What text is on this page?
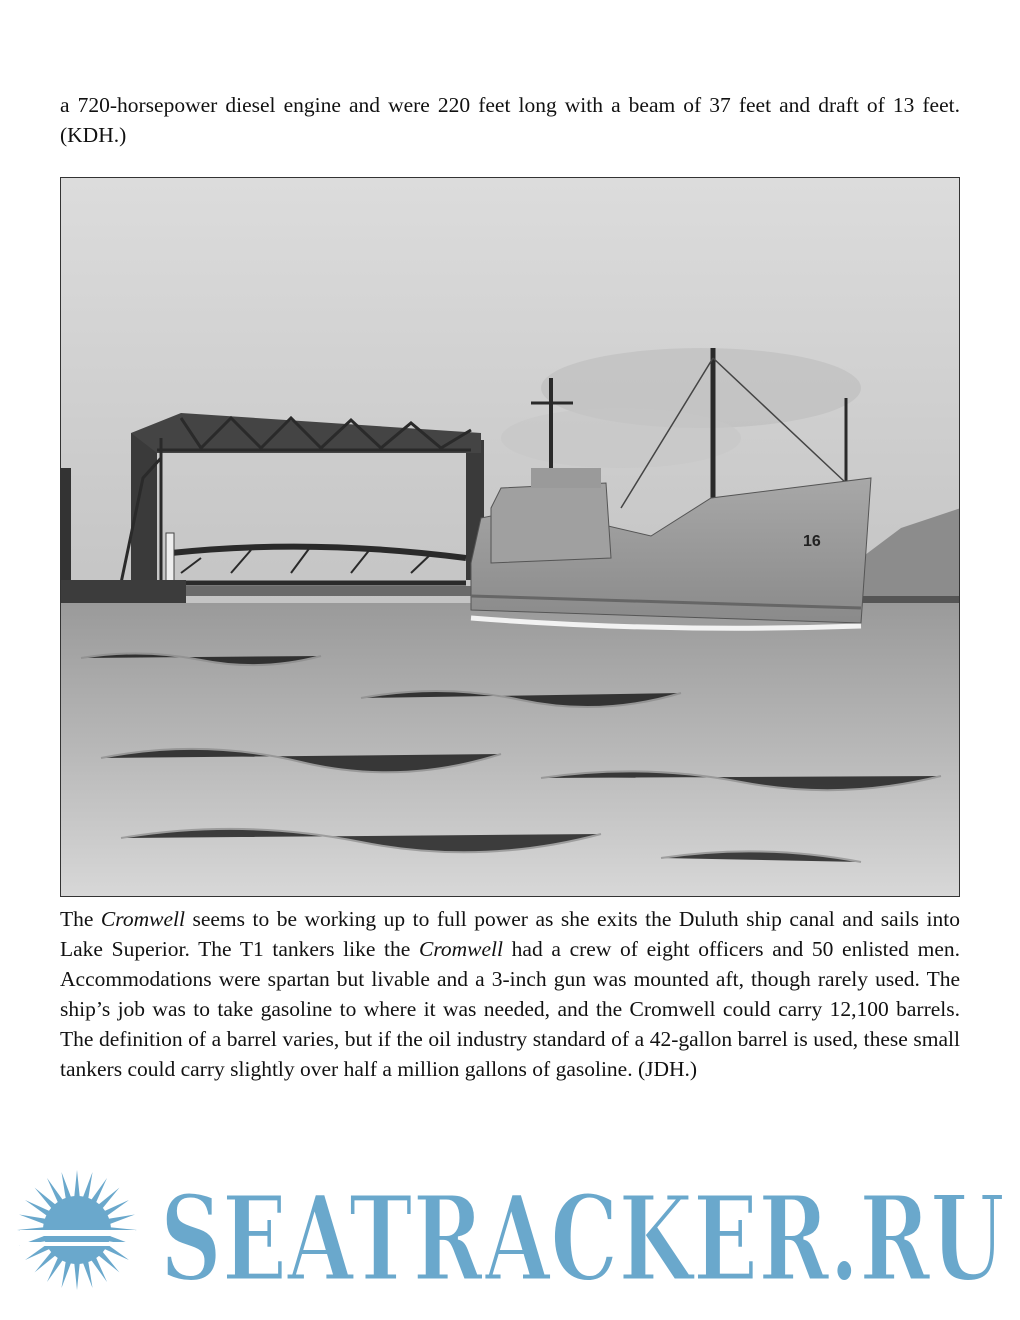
a 720-horsepower diesel engine and were 220 feet long with a beam of 37 feet and draft of 13 feet. (KDH.)

16

The Cromwell seems to be working up to full power as she exits the Duluth ship canal and sails into Lake Superior. The T1 tankers like the Cromwell had a crew of eight officers and 50 enlisted men. Accommodations were spartan but livable and a 3-inch gun was mounted aft, though rarely used. The ship’s job was to take gasoline to where it was needed, and the Cromwell could carry 12,100 barrels. The definition of a barrel varies, but if the oil industry standard of a 42-gallon barrel is used, these small tankers could carry slightly over half a million gallons of gasoline. (JDH.)

SEATRACKER.RU
